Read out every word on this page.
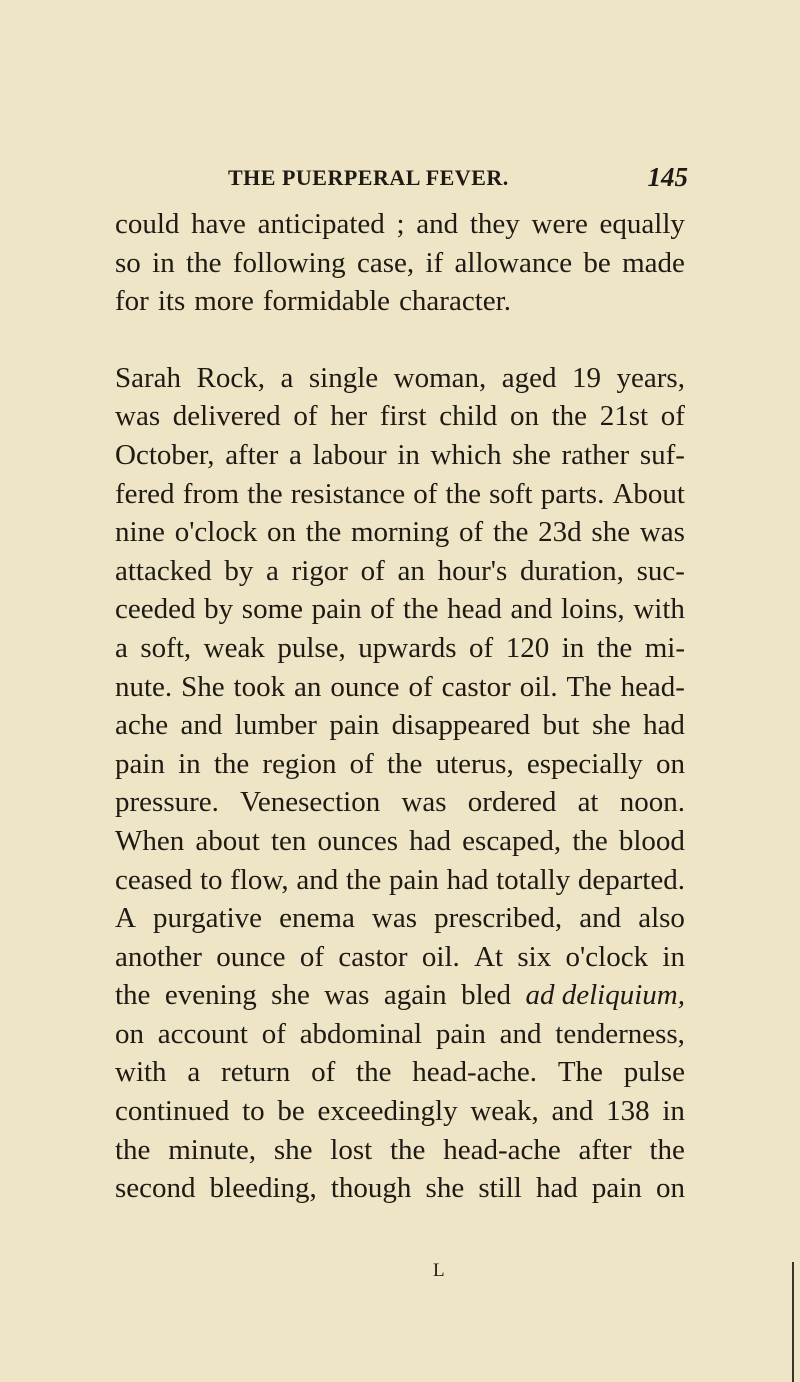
THE PUERPERAL FEVER.	145
could have anticipated ; and they were equally
so in the following case, if allowance be made
for its more formidable character.
Sarah Rock, a single woman, aged 19 years,
was delivered of her first child on the 21st of
October, after a labour in which she rather suf-
fered from the resistance of the soft parts. About
nine o'clock on the morning of the 23d she was
attacked by a rigor of an hour's duration, suc-
ceeded by some pain of the head and loins, with
a soft, weak pulse, upwards of 120 in the mi-
nute. She took an ounce of castor oil. The head-
ache and lumber pain disappeared but she had
pain in the region of the uterus, especially on
pressure. Venesection was ordered at noon.
When about ten ounces had escaped, the blood
ceased to flow, and the pain had totally departed.
A purgative enema was prescribed, and also
another ounce of castor oil. At six o'clock in
the evening she was again bled ad deliquium,
on account of abdominal pain and tenderness,
with a return of the head-ache. The pulse
continued to be exceedingly weak, and 138 in
the minute, she lost the head-ache after the
second bleeding, though she still had pain on
L
